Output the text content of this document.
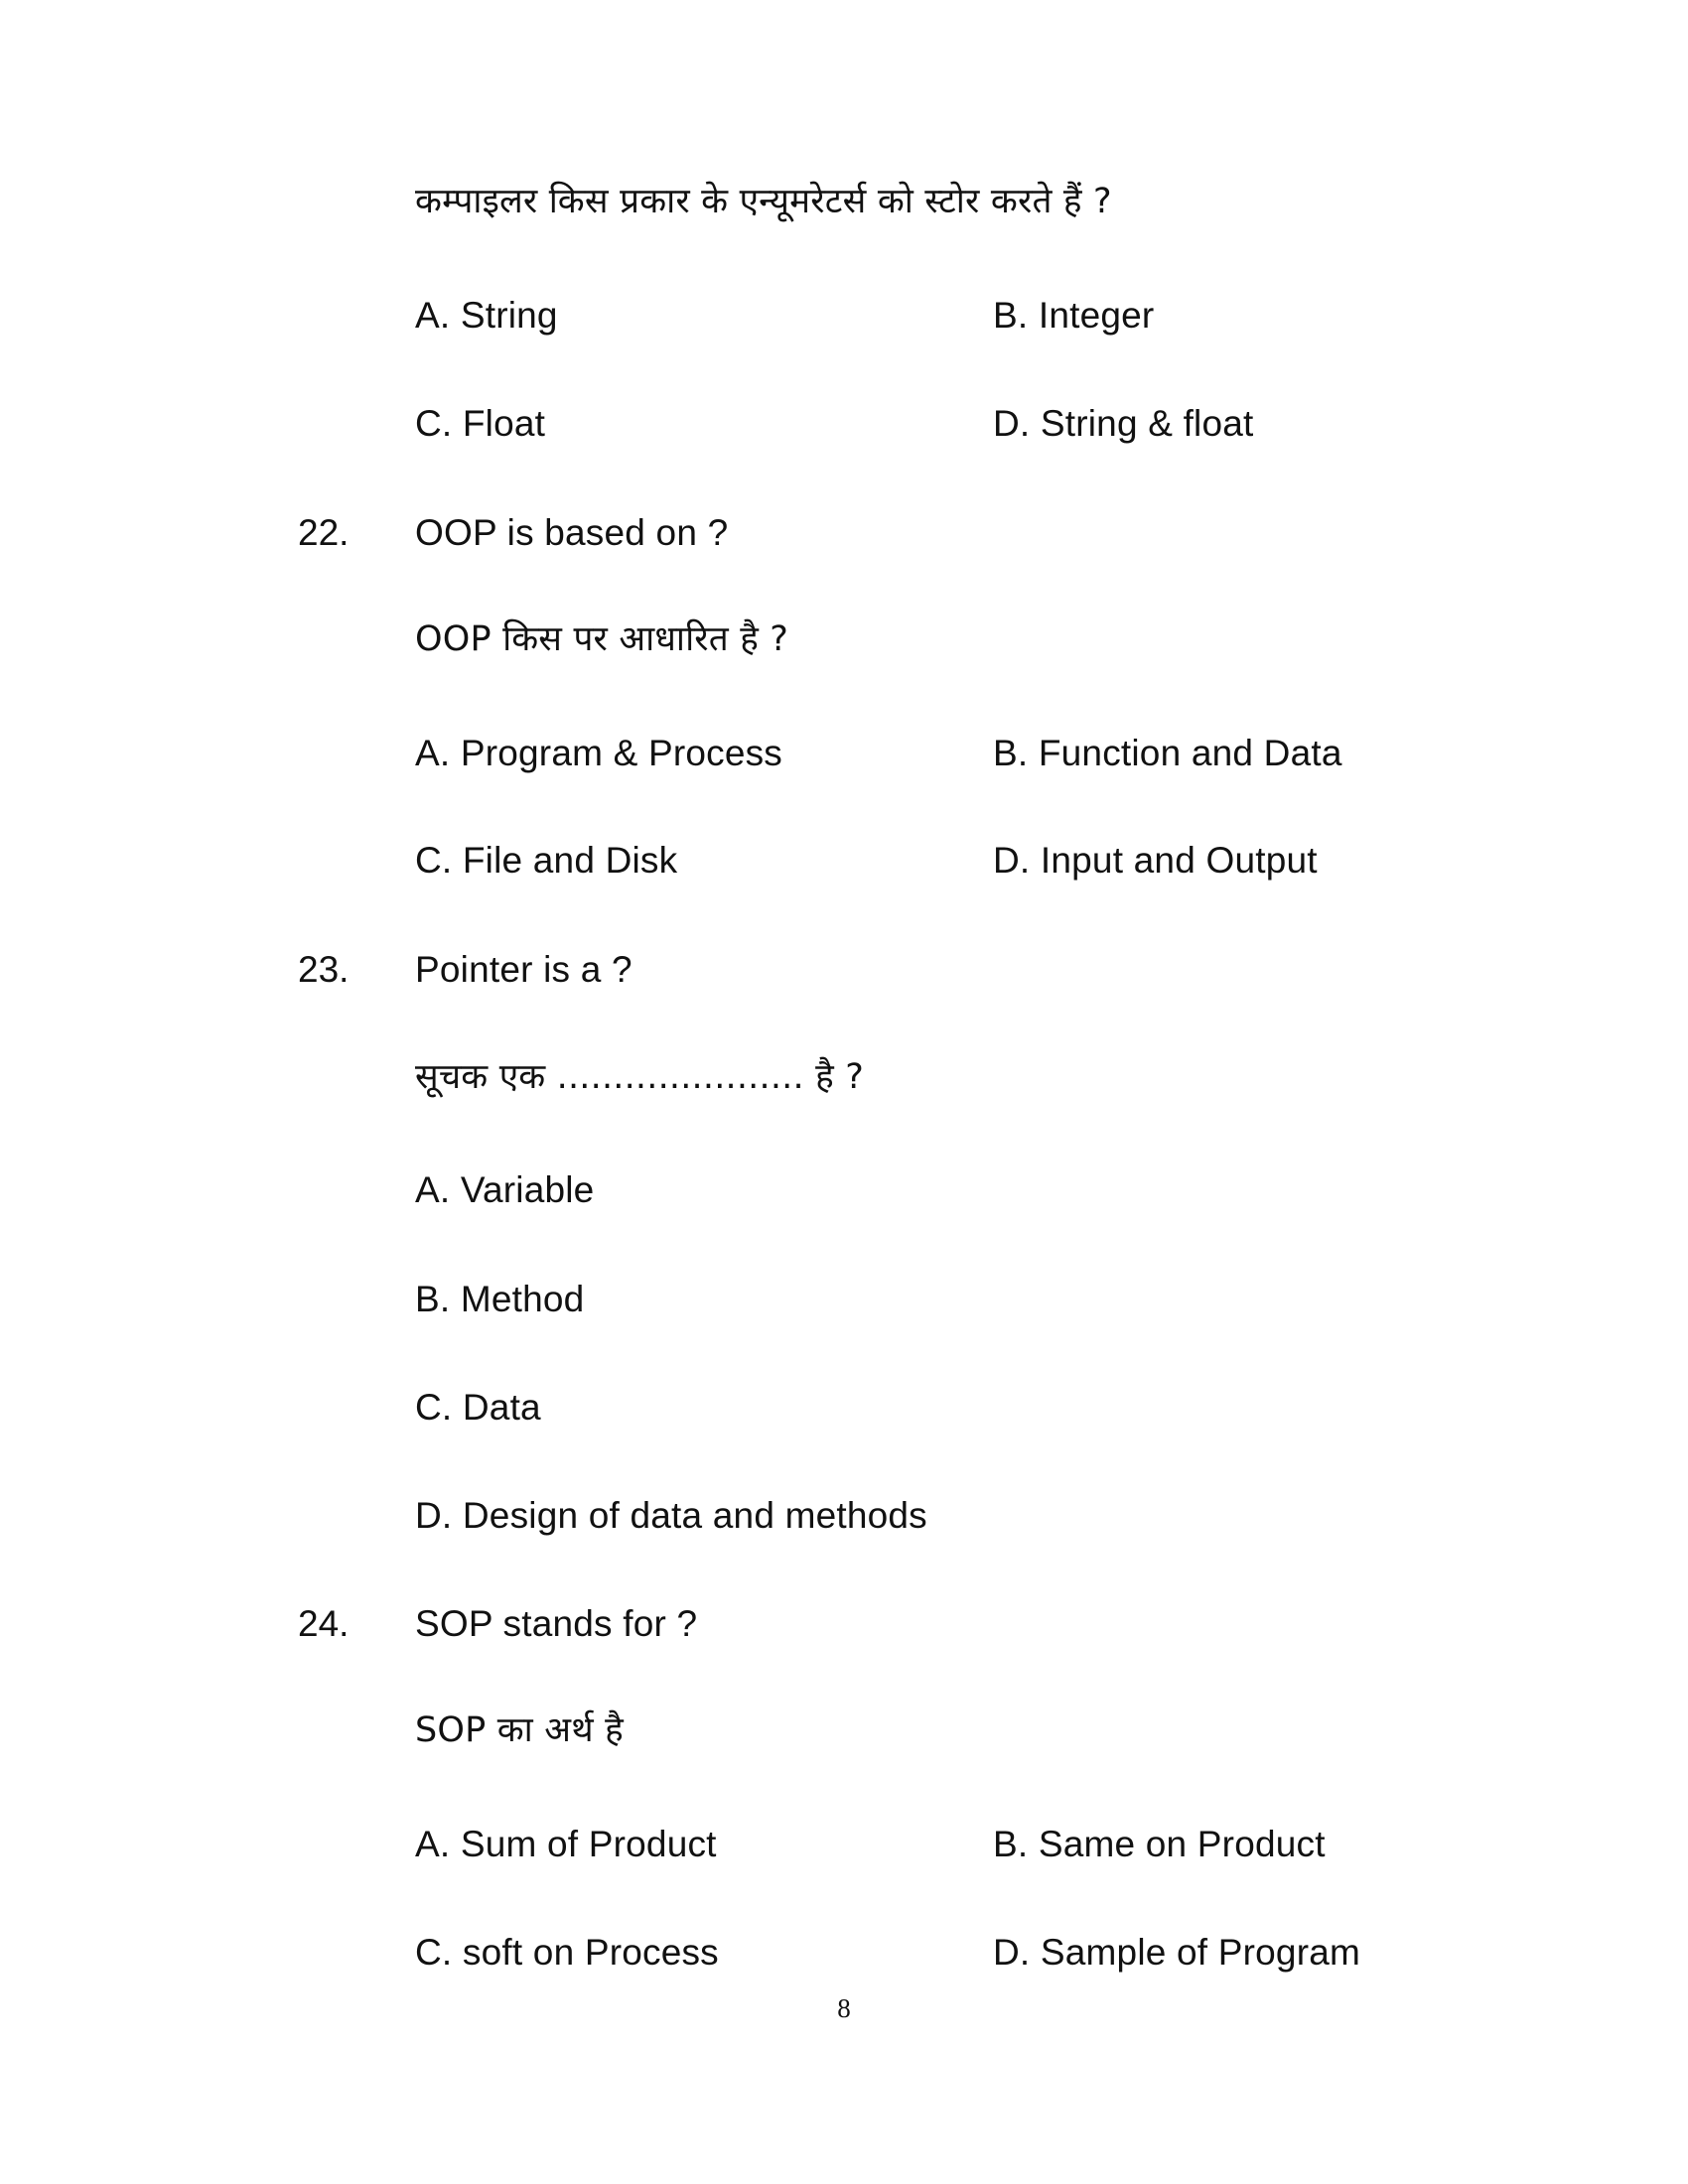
कम्पाइलर किस प्रकार के एन्यूमरेटर्स को स्टोर करते हैं ?
A. String	B. Integer
C. Float	D. String & float
22. OOP is based on ?
OOP किस पर आधारित है ?
A. Program & Process	B. Function and Data
C. File and Disk	D. Input and Output
23. Pointer is a ?
सूचक एक ...................... है ?
A. Variable
B. Method
C. Data
D. Design of data and methods
24. SOP stands for ?
SOP का अर्थ है
A. Sum of Product	B. Same on Product
C. soft on Process	D. Sample of Program
8
